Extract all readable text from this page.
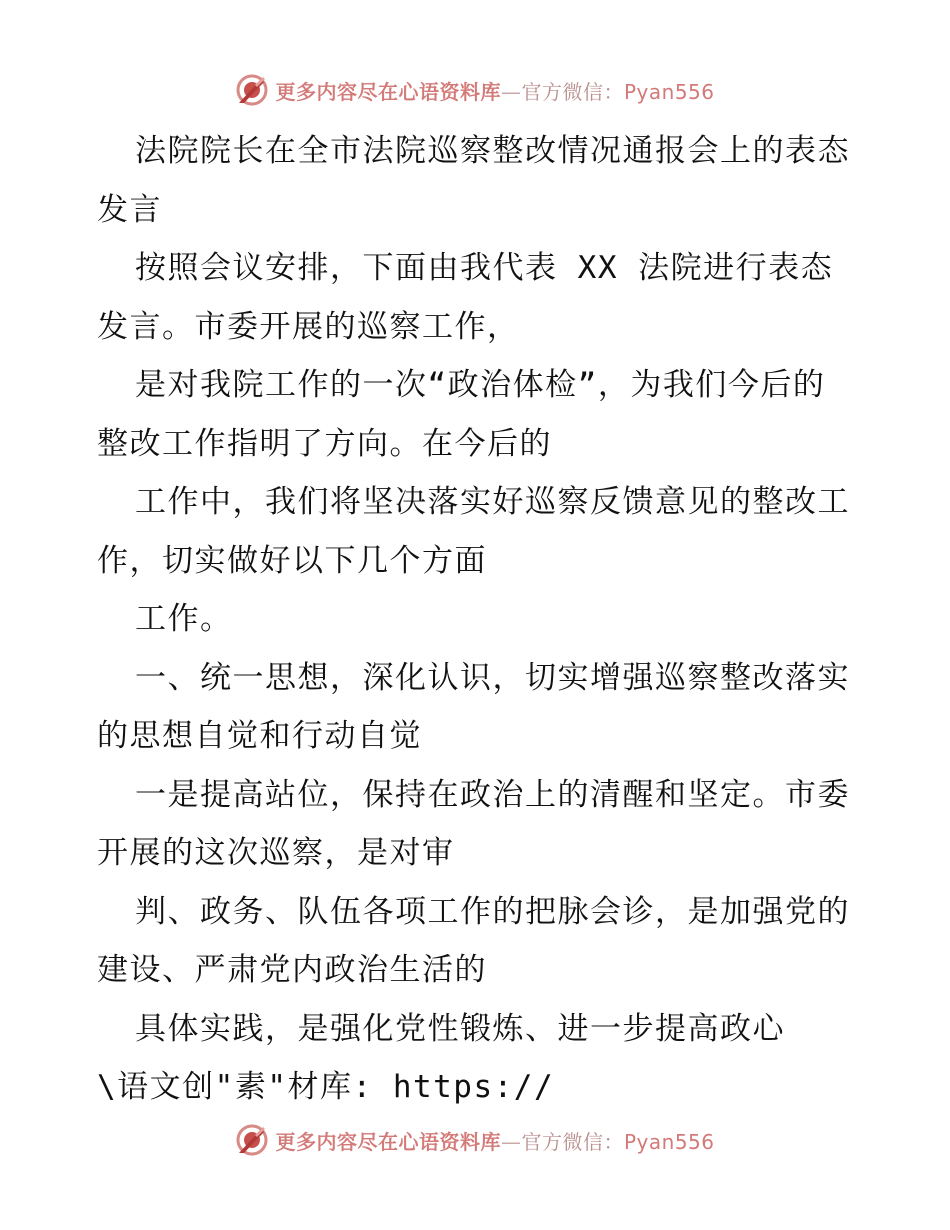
更多内容尽在心语资料库—官方微信：Pyan556

法院院长在全市法院巡察整改情况通报会上的表态发言

按照会议安排，下面由我代表 XX 法院进行表态发言。市委开展的巡察工作，

是对我院工作的一次“政治体检”，为我们今后的整改工作指明了方向。在今后的

工作中，我们将坚决落实好巡察反馈意见的整改工作，切实做好以下几个方面

工作。

一、统一思想，深化认识，切实增强巡察整改落实的思想自觉和行动自觉

一是提高站位，保持在政治上的清醒和坚定。市委开展的这次巡察，是对审

判、政务、队伍各项工作的把脉会诊，是加强党的建设、严肃党内政治生活的

具体实践，是强化党性锻炼、进一步提高政心

\语文创"素"材库: https://

更多内容尽在心语资料库—官方微信：Pyan556
